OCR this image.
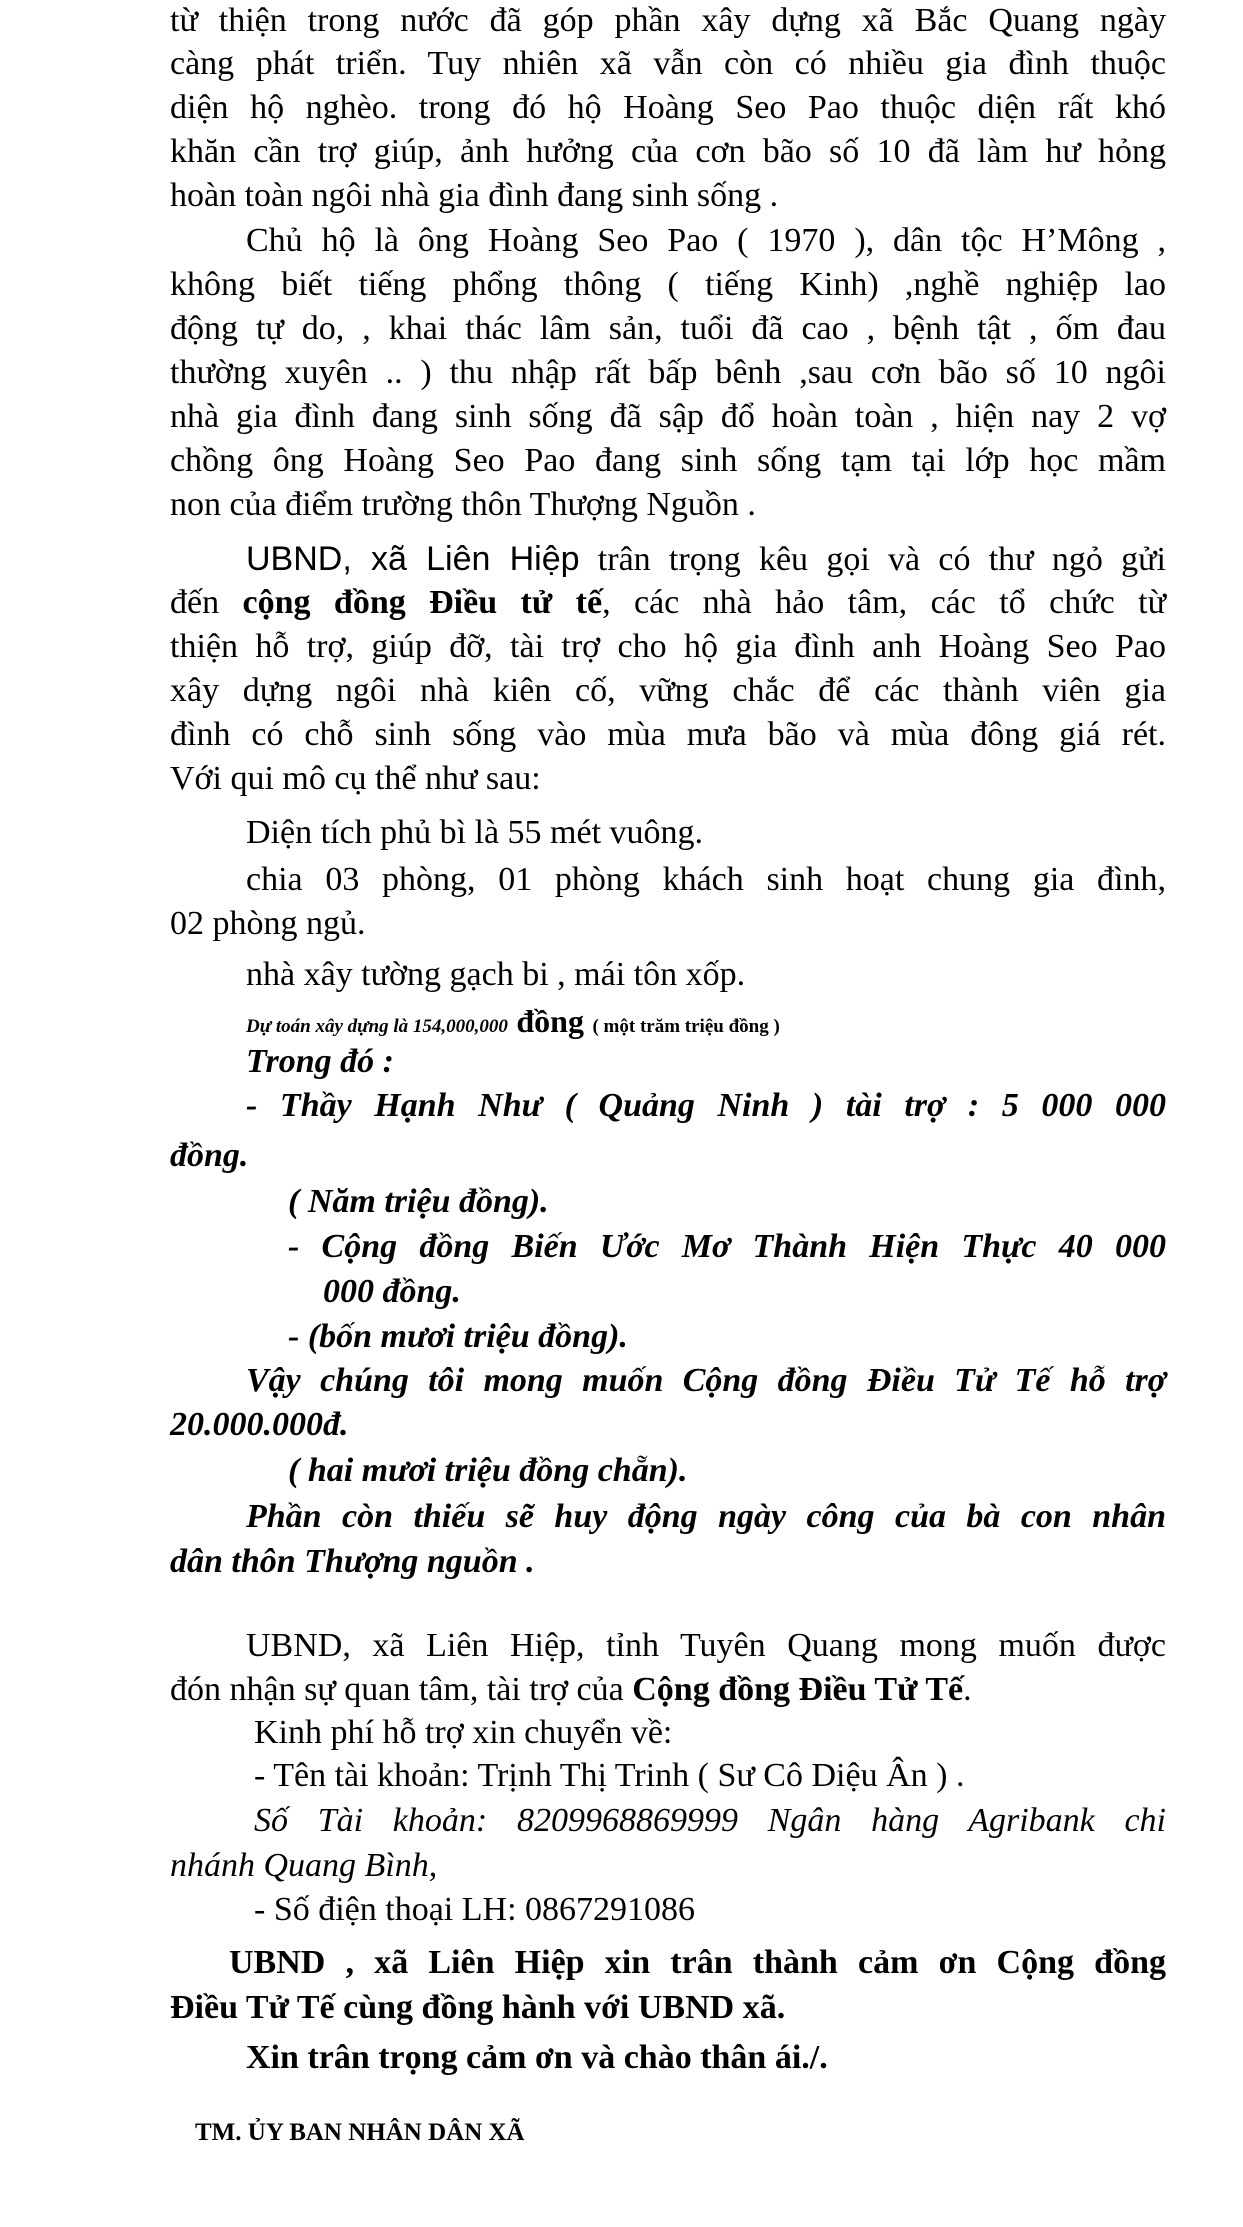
từ thiện trong nước đã góp phần xây dựng xã Bắc Quang ngày
càng phát triển. Tuy nhiên xã vẫn còn có nhiều gia đình thuộc
diện hộ nghèo. trong đó hộ Hoàng Seo Pao thuộc diện rất khó
khăn cần trợ giúp, ảnh hưởng của cơn bão số 10 đã làm hư hỏng
hoàn toàn ngôi nhà gia đình đang sinh sống .
Chủ hộ là ông Hoàng Seo Pao ( 1970 ), dân tộc H’Mông ,
không biết tiếng phổng thông ( tiếng Kinh) ,nghề nghiệp lao
động tự do, , khai thác lâm sản, tuổi đã cao , bệnh tật , ốm đau
thường xuyên .. ) thu nhập rất bấp bênh ,sau cơn bão số 10 ngôi
nhà gia đình đang sinh sống đã sập đổ hoàn toàn , hiện nay 2 vợ
chồng ông Hoàng Seo Pao đang sinh sống tạm tại lớp học mầm
non của điểm trường thôn Thượng Nguồn .
UBND, xã Liên Hiệp trân trọng kêu gọi và có thư ngỏ gửi
đến cộng đồng Điều tử tế, các nhà hảo tâm, các tổ chức từ
thiện hỗ trợ, giúp đỡ, tài trợ cho hộ gia đình anh Hoàng Seo Pao
xây dựng ngôi nhà kiên cố, vững chắc để các thành viên gia
đình có chỗ sinh sống vào mùa mưa bão và mùa đông giá rét.
Với qui mô cụ thể như sau:
Diện tích phủ bì là 55 mét vuông.
chia 03 phòng, 01 phòng khách sinh hoạt chung gia đình,
02 phòng ngủ.
nhà xây tường gạch bi , mái tôn xốp.
Dự toán xây dựng là 154,000,000 đồng ( một trăm triệu đồng )
Trong đó :
- Thầy Hạnh Như ( Quảng Ninh ) tài trợ : 5 000 000
đồng.
( Năm triệu đồng).
- Cộng đồng Biến Ước Mơ Thành Hiện Thực 40 000
000 đồng.
- (bốn mươi triệu đồng).
Vậy chúng tôi mong muốn Cộng đồng Điều Tử Tế hỗ trợ
20.000.000đ.
( hai mươi triệu đồng chẵn).
Phần còn thiếu sẽ huy động ngày công của bà con nhân
dân thôn Thượng nguồn .
UBND, xã Liên Hiệp, tỉnh Tuyên Quang mong muốn được
đón nhận sự quan tâm, tài trợ của Cộng đồng Điều Tử Tế.
Kinh phí hỗ trợ xin chuyển về:
- Tên tài khoản: Trịnh Thị Trinh ( Sư Cô Diệu Ân ) .
Số Tài khoản: 8209968869999 Ngân hàng Agribank chi
nhánh Quang Bình,
- Số điện thoại LH: 0867291086
UBND , xã Liên Hiệp xin trân thành cảm ơn Cộng đồng
Điều Tử Tế cùng đồng hành với UBND xã.
Xin trân trọng cảm ơn và chào thân ái./.
TM. ỦY BAN NHÂN DÂN XÃ
